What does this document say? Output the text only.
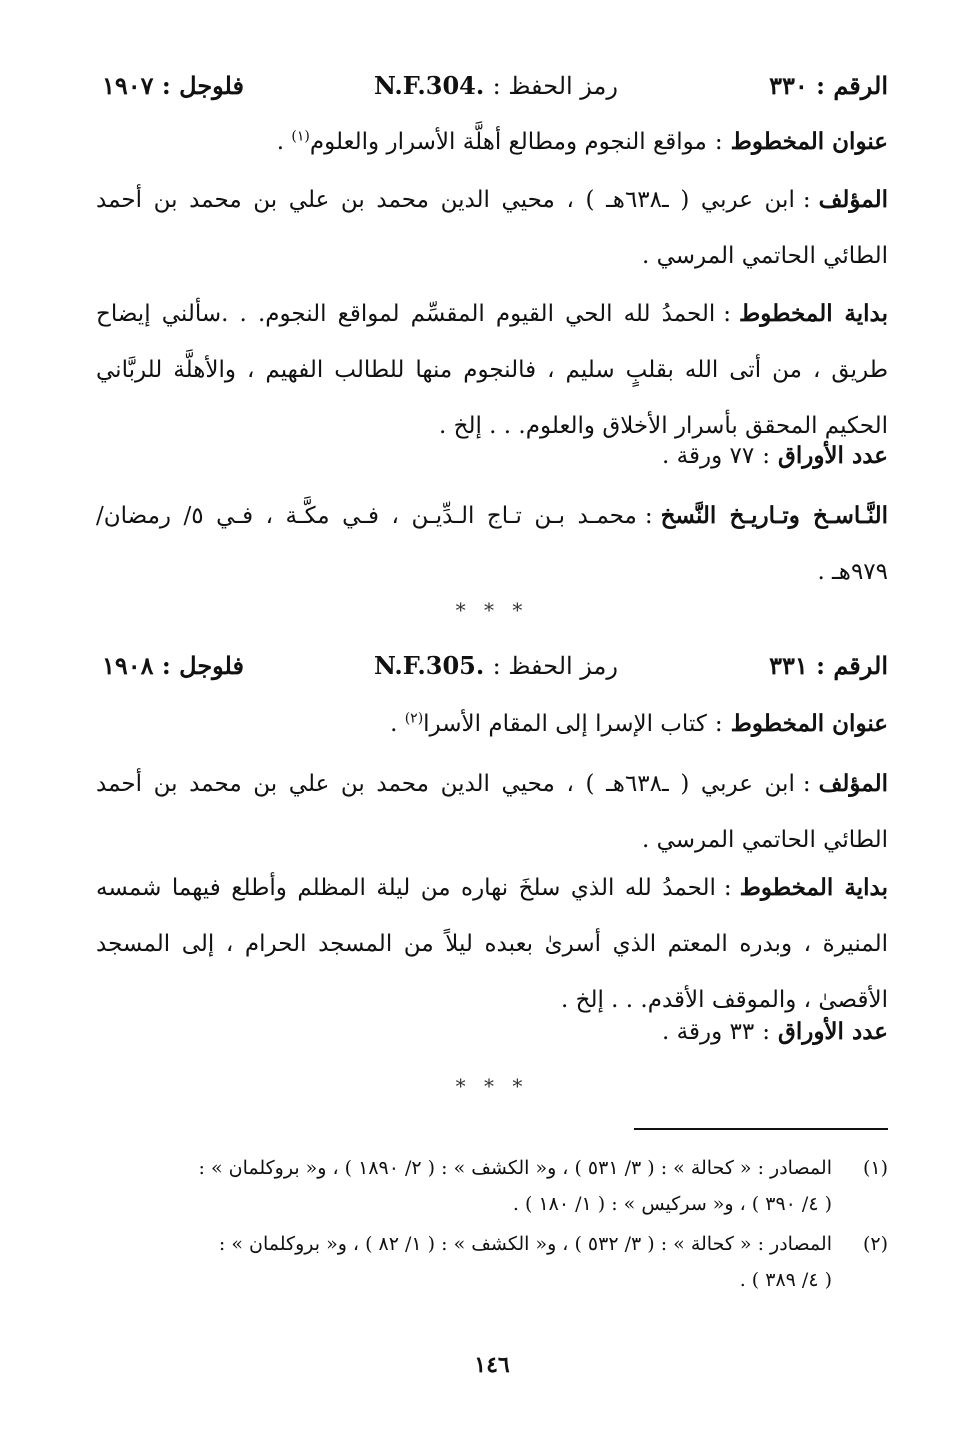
الرقم : ٣٣٠
رمز الحفظ : N.F.304.
فلوجل : ١٩٠٧
عنوان المخطوط:مواقع النجوم ومطالع أهلَّة الأسرار والعلوم$^{(١)}$ .
المؤلف:ابن عربي ( ـ٦٣٨هـ ) ، محيي الدين محمد بن علي بن محمد بن أحمد الطائي الحاتمي المرسي .
بداية المخطوط:الحمدُ لله الحي القيوم المقسِّم لمواقع النجوم. . .سألني إيضاح طريق ، من أتى الله بقلبٍ سليم ، فالنجوم منها للطالب الفهيم ، والأهلَّة للربَّاني الحكيم المحقق بأسرار الأخلاق والعلوم. . . إلخ .
عدد الأوراق:٧٧ ورقة .
النَّـاسـخ وتـاريـخ النَّسخ:محمـد بـن تـاج الـدِّيـن ، فـي مكَّـة ، فـي ٥/ رمضان/ ٩٧٩هـ .
* * *
الرقم : ٣٣١
رمز الحفظ : N.F.305.
فلوجل : ١٩٠٨
عنوان المخطوط:كتاب الإسرا إلى المقام الأسرا$^{(٢)}$ .
المؤلف:ابن عربي ( ـ٦٣٨هـ ) ، محيي الدين محمد بن علي بن محمد بن أحمد الطائي الحاتمي المرسي .
بداية المخطوط:الحمدُ لله الذي سلخَ نهاره من ليلة المظلم وأطلع فيهما شمسه المنيرة ، وبدره المعتم الذي أسرىٰ بعبده ليلاً من المسجد الحرام ، إلى المسجد الأقصىٰ ، والموقف الأقدم. . . إلخ .
عدد الأوراق:٣٣ ورقة .
* * *
(١)المصادر : « كحالة » : ( ٣/ ٥٣١ ) ، و« الكشف » : ( ٢/ ١٨٩٠ ) ، و« بروكلمان » :
( ٤/ ٣٩٠ ) ، و« سركيس » : ( ١/ ١٨٠ ) .
(٢)المصادر : « كحالة » : ( ٣/ ٥٣٢ ) ، و« الكشف » : ( ١/ ٨٢ ) ، و« بروكلمان » :
( ٤/ ٣٨٩ ) .
١٤٦
